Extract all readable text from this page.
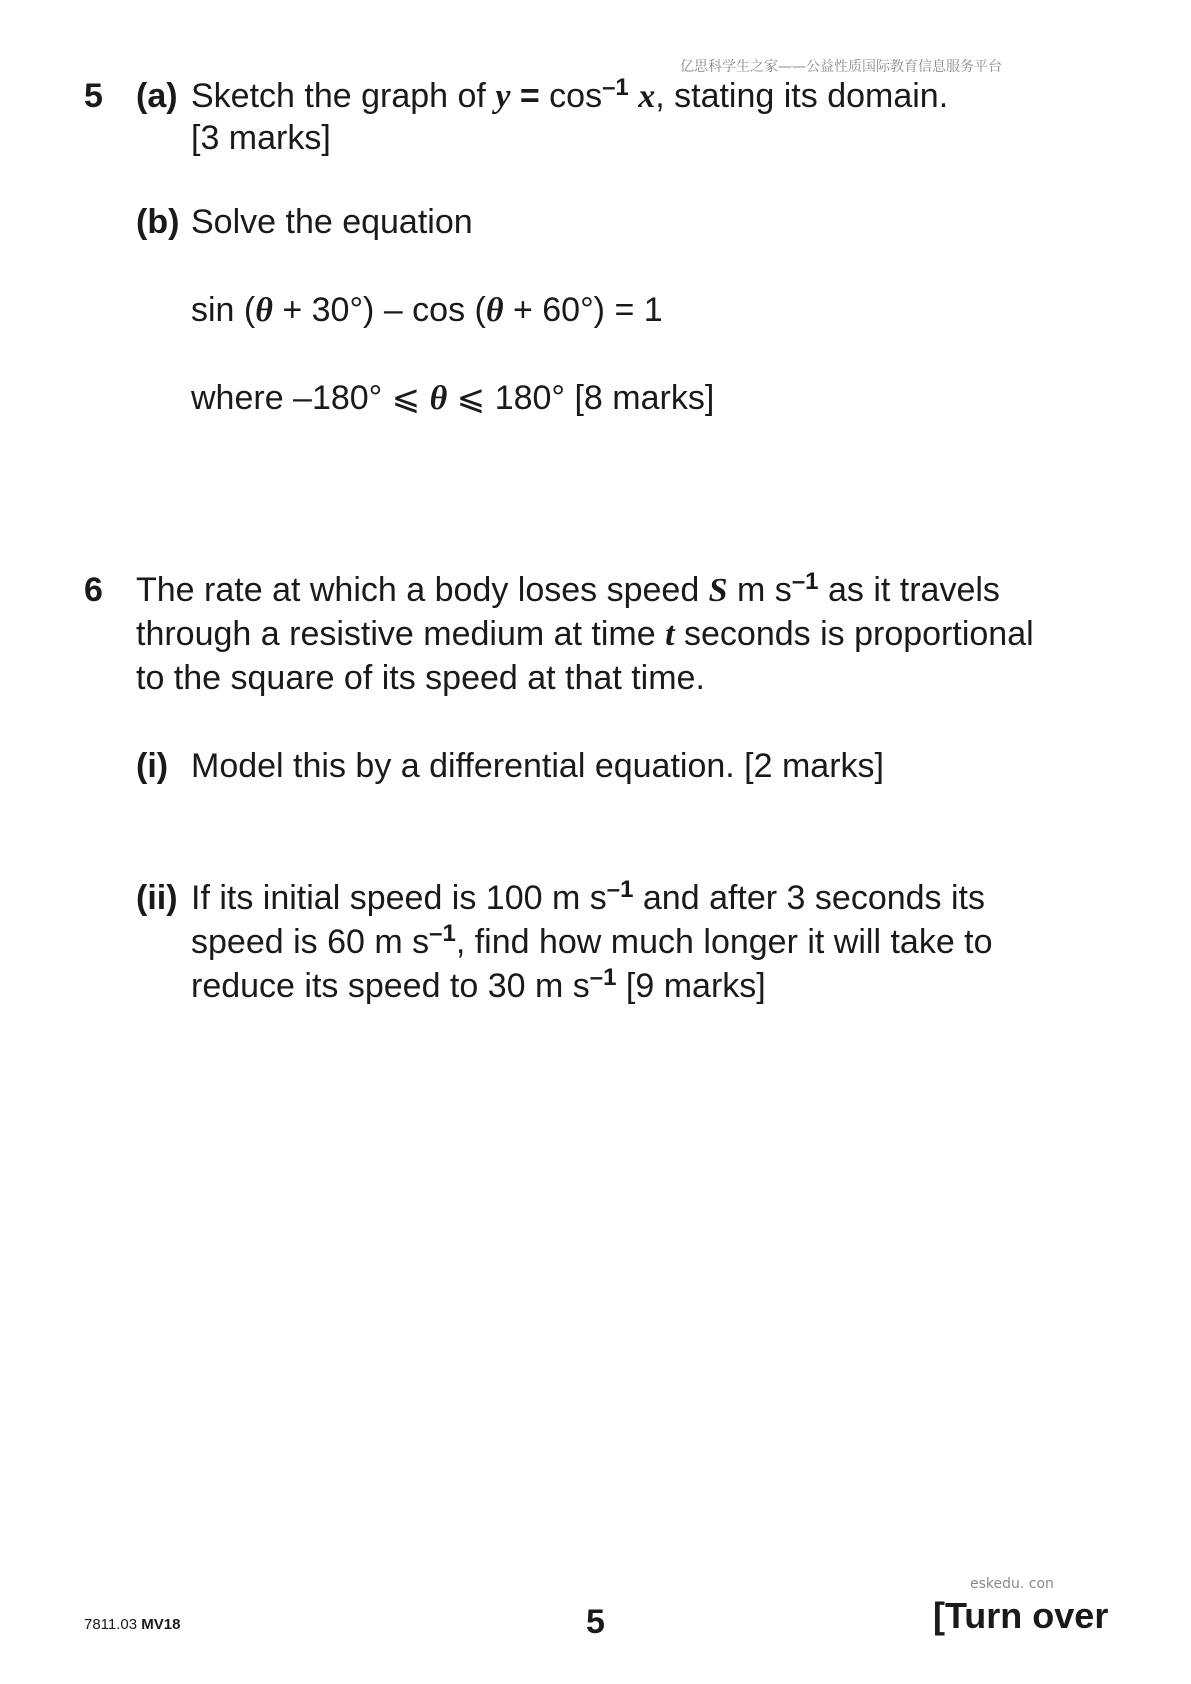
亿思科学生之家——公益性质国际教育信息服务平台
5 (a) Sketch the graph of $y = \cos^{-1} x$, stating its domain.
[3 marks]
(b) Solve the equation
sin (θ + 30°) – cos (θ + 60°) = 1
where –180° ⩽ θ ⩽ 180° [8 marks]
6 The rate at which a body loses speed S m $s^{-1}$ as it travels
through a resistive medium at time t seconds is proportional
to the square of its speed at that time.
(i) Model this by a differential equation. [2 marks]
(ii) If its initial speed is 100 m $s^{-1}$ and after 3 seconds its
speed is 60 m $s^{-1}$, find how much longer it will take to
reduce its speed to 30 m $s^{-1}$ [9 marks]
eskedu. con
7811.03 MV18	5	[Turn over
